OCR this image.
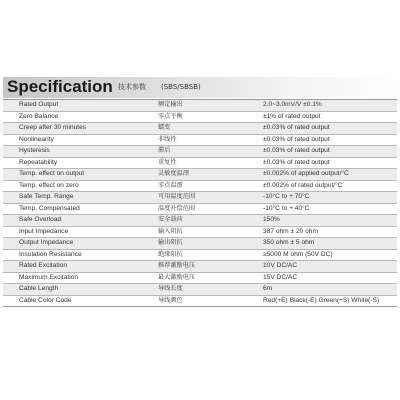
Specification 技术参数 (SBS/SBSB)
Rated Output	额定输出	2.0~3.0mV/V ±0.1%
Zero Balance	零点平衡	±1% of rated output
Creep after 30 minutes	蠕变	±0.03% of rated output
Nonlinearity	非线性	±0.03% of rated output
Hysteresis	滞后	±0.03% of rated output
Repeatability	重复性	±0.03% of rated output
Temp. effect on output	灵敏度温漂	±0.002% of applied output/°C
Temp. effect on zero	零点温漂	±0.002% of rated output/°C
Safe Temp. Range	可用温度范围	-10°C to + 70°C
Temp. Compensated	温度补偿范围	-10°C to + 40°C
Safe Overload	安全载荷	150%
Input Impedance	输入阻抗	387 ohm ± 20 ohm
Output Impedance	输出阻抗	350 ohm ± 5 ohm
Insulation Resistance	绝缘阻抗	≥5000 M ohm (50V DC)
Rated Excitation	推荐激励电压	10V DC/AC
Maximum Excitation	最大激励电压	15V DC/AC
Cable Length	导线长度	6m
Cable Color Code	导线颜色	Red(+E) Black(-E) Green(+S) White(-S)
